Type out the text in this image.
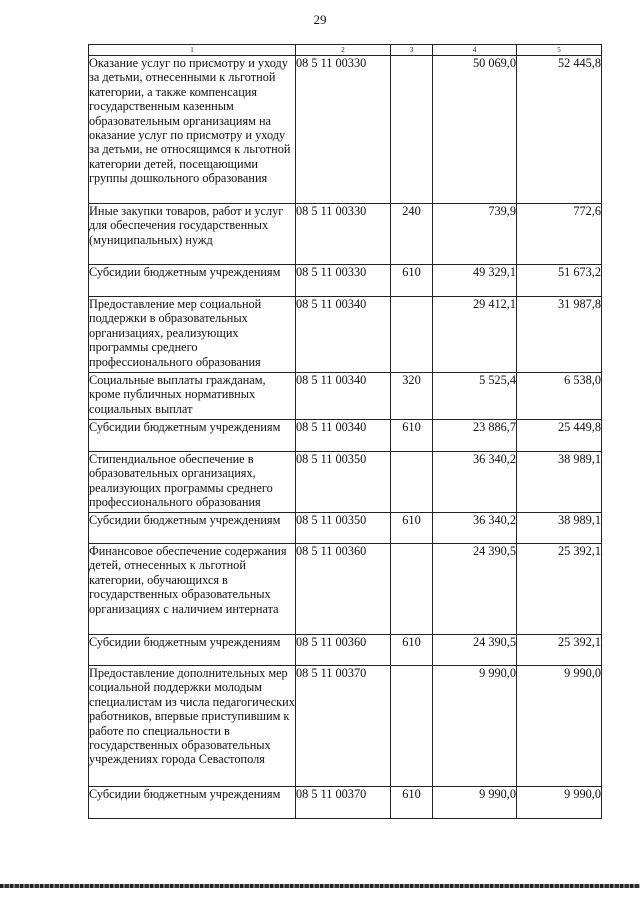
29
1	2	3	4	5
Оказание услуг по присмотру и уходу за детьми, отнесенными к льготной категории, а также компенсация государственным казенным образовательным организациям на оказание услуг по присмотру и уходу за детьми, не относящимся к льготной категории детей, посещающими группы дошкольного образования	08 5 11 00330		50 069,0	52 445,8
Иные закупки товаров, работ и услуг для обеспечения государственных (муниципальных) нужд	08 5 11 00330	240	739,9	772,6
Субсидии бюджетным учреждениям	08 5 11 00330	610	49 329,1	51 673,2
Предоставление мер социальной поддержки в образовательных организациях, реализующих программы среднего профессионального образования	08 5 11 00340		29 412,1	31 987,8
Социальные выплаты гражданам, кроме публичных нормативных социальных выплат	08 5 11 00340	320	5 525,4	6 538,0
Субсидии бюджетным учреждениям	08 5 11 00340	610	23 886,7	25 449,8
Стипендиальное обеспечение в образовательных организациях, реализующих программы среднего профессионального образования	08 5 11 00350		36 340,2	38 989,1
Субсидии бюджетным учреждениям	08 5 11 00350	610	36 340,2	38 989,1
Финансовое обеспечение содержания детей, отнесенных к льготной категории, обучающихся в государственных образовательных организациях с наличием интерната	08 5 11 00360		24 390,5	25 392,1
Субсидии бюджетным учреждениям	08 5 11 00360	610	24 390,5	25 392,1
Предоставление дополнительных мер социальной поддержки молодым специалистам из числа педагогических работников, впервые приступившим к работе по специальности в государственных образовательных учреждениях города Севастополя	08 5 11 00370		9 990,0	9 990,0
Субсидии бюджетным учреждениям	08 5 11 00370	610	9 990,0	9 990,0
